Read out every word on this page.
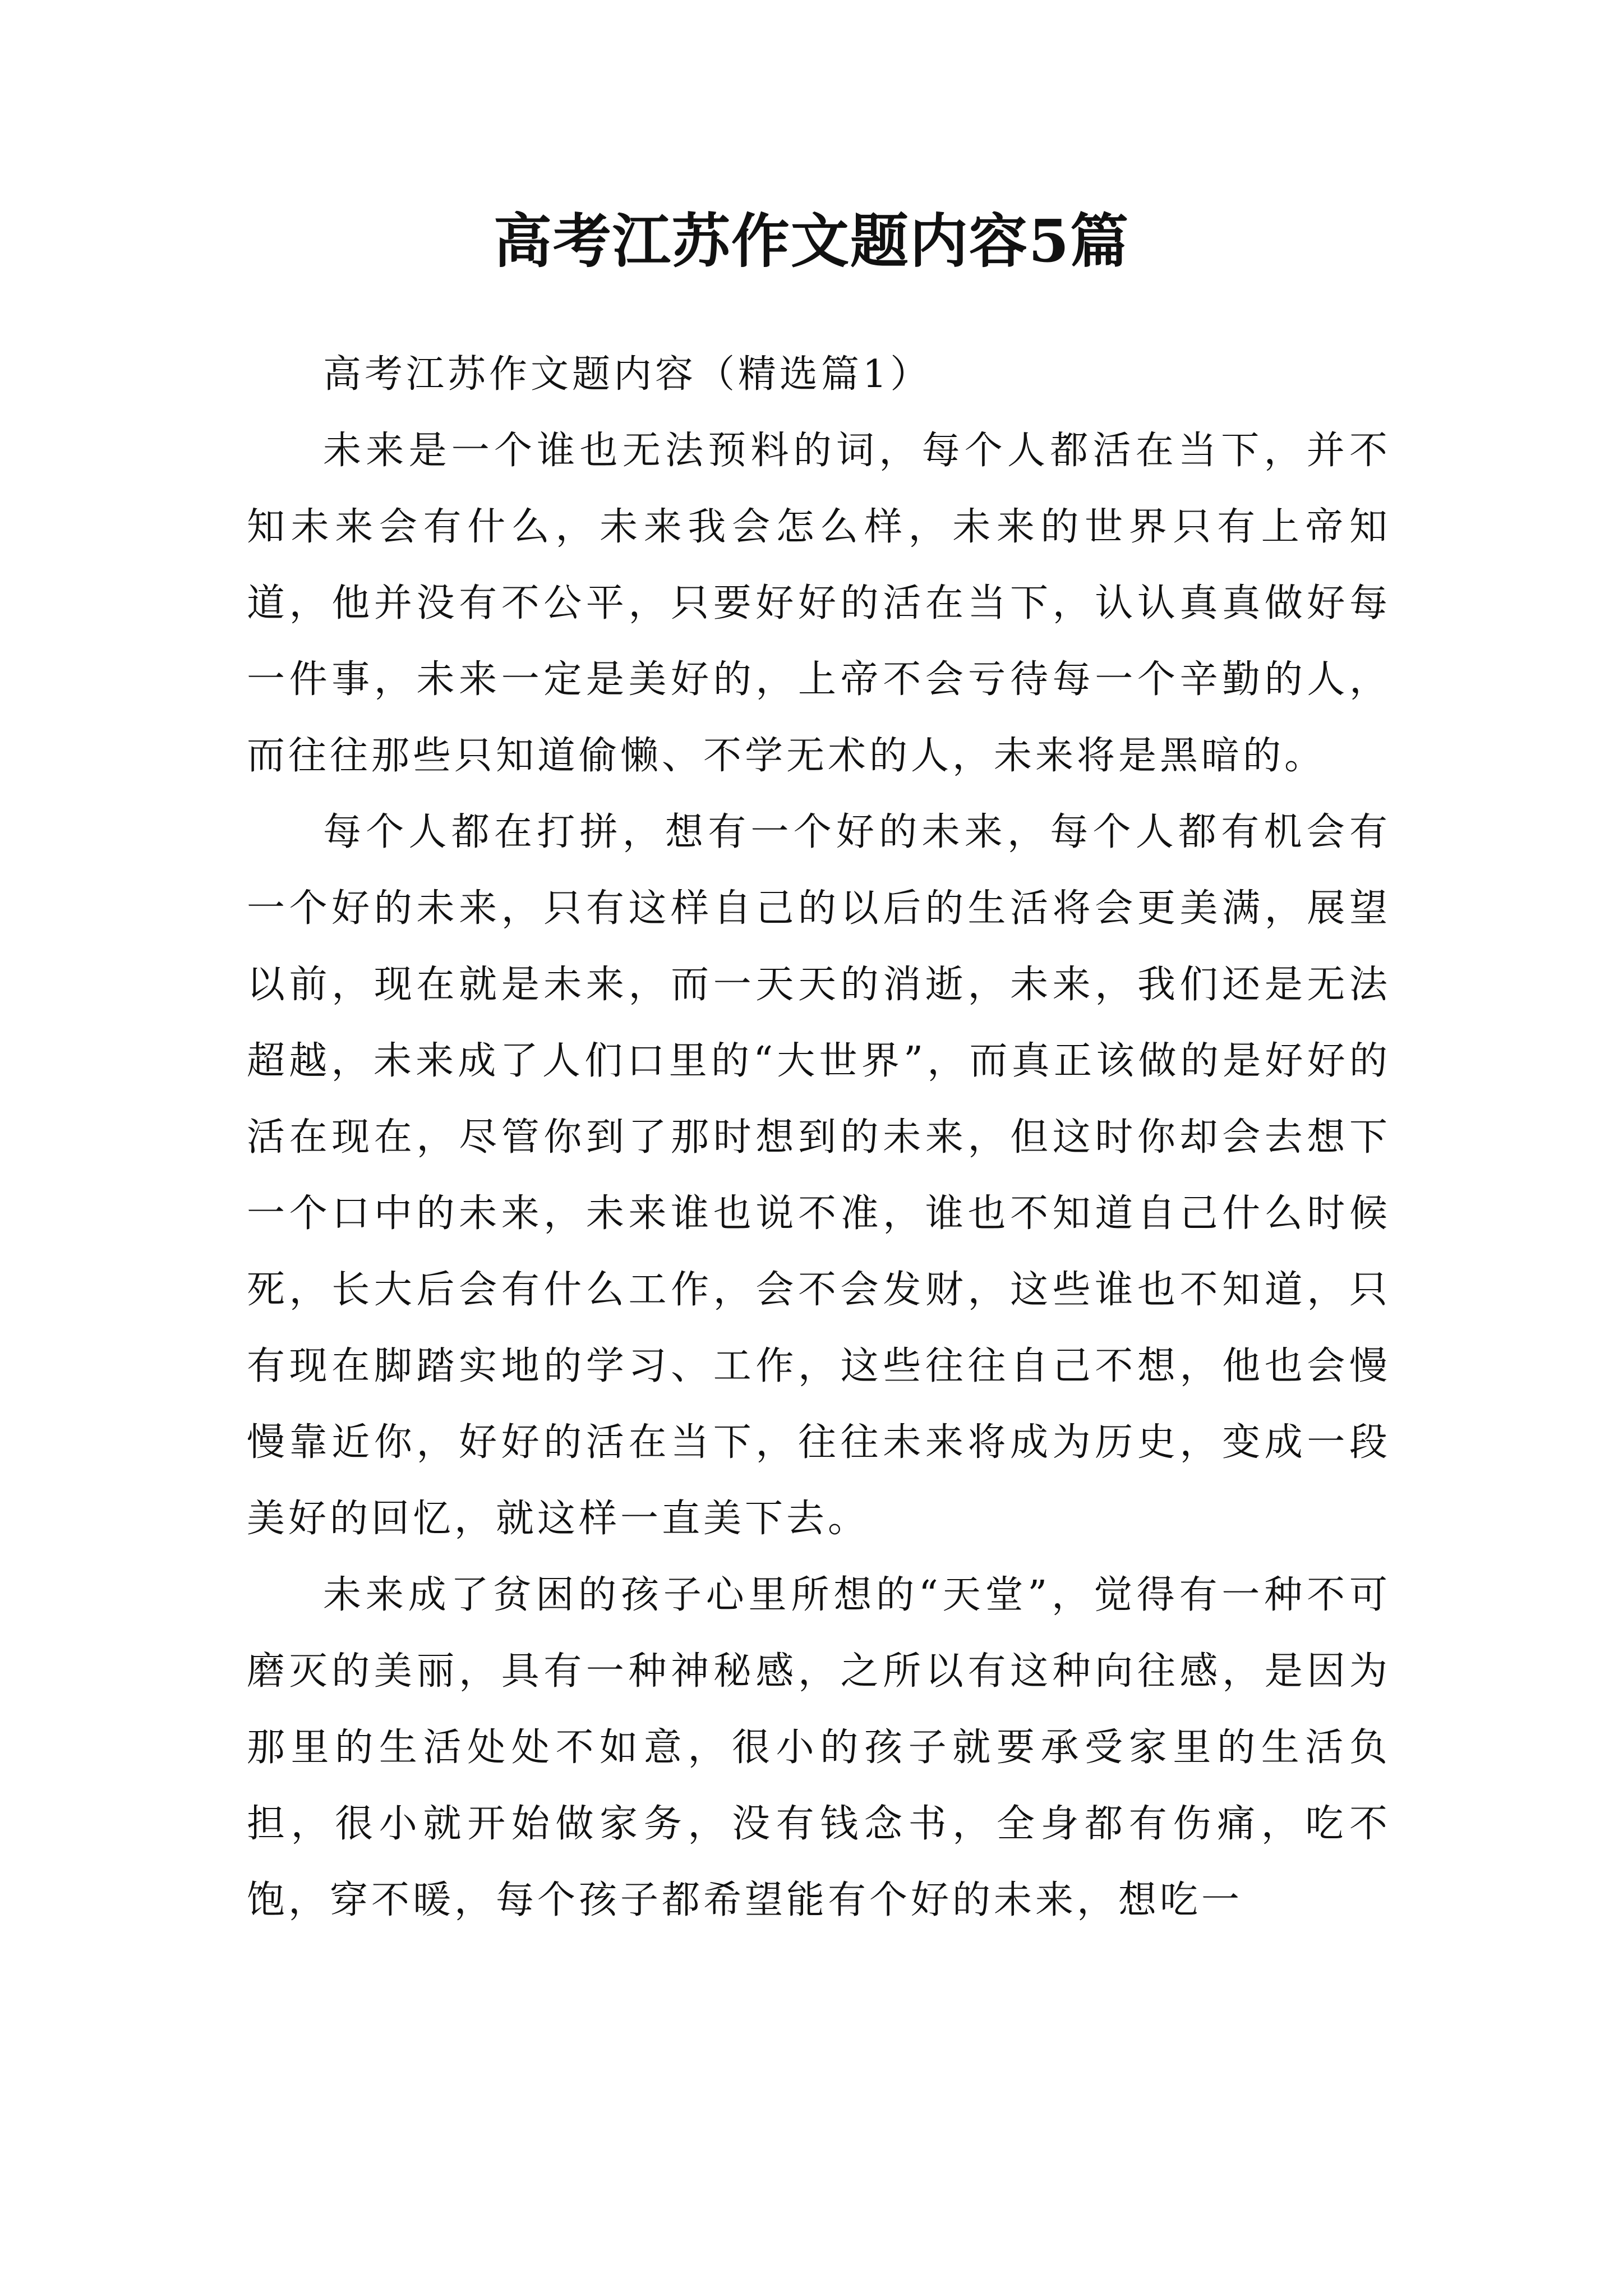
高考江苏作文题内容5篇

高考江苏作文题内容（精选篇1）

未来是一个谁也无法预料的词，每个人都活在当下，并不知未来会有什么，未来我会怎么样，未来的世界只有上帝知道，他并没有不公平，只要好好的活在当下，认认真真做好每一件事，未来一定是美好的，上帝不会亏待每一个辛勤的人，而往往那些只知道偷懒、不学无术的人，未来将是黑暗的。

每个人都在打拼，想有一个好的未来，每个人都有机会有一个好的未来，只有这样自己的以后的生活将会更美满，展望以前，现在就是未来，而一天天的消逝，未来，我们还是无法超越，未来成了人们口里的“大世界”，而真正该做的是好好的活在现在，尽管你到了那时想到的未来，但这时你却会去想下一个口中的未来，未来谁也说不准，谁也不知道自己什么时候死，长大后会有什么工作，会不会发财，这些谁也不知道，只有现在脚踏实地的学习、工作，这些往往自己不想，他也会慢慢靠近你，好好的活在当下，往往未来将成为历史，变成一段美好的回忆，就这样一直美下去。

未来成了贫困的孩子心里所想的“天堂”，觉得有一种不可磨灭的美丽，具有一种神秘感，之所以有这种向往感，是因为那里的生活处处不如意，很小的孩子就要承受家里的生活负担，很小就开始做家务，没有钱念书，全身都有伤痛，吃不饱，穿不暖，每个孩子都希望能有个好的未来，想吃一
